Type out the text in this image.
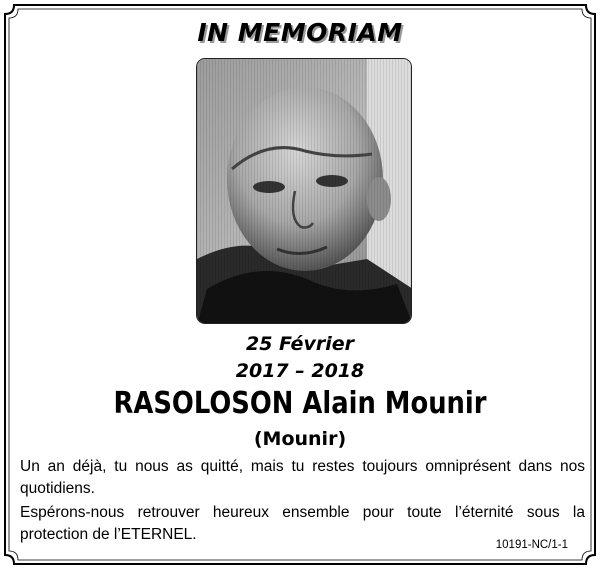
IN MEMORIAM
25 Février
2017 – 2018
RASOLOSON Alain Mounir
(Mounir)
Un an déjà, tu nous as quitté, mais tu restes toujours omniprésent dans nos quotidiens.
Espérons-nous retrouver heureux ensemble pour toute l’éternité sous la protection de l’ETERNEL.
10191-NC/1-1
